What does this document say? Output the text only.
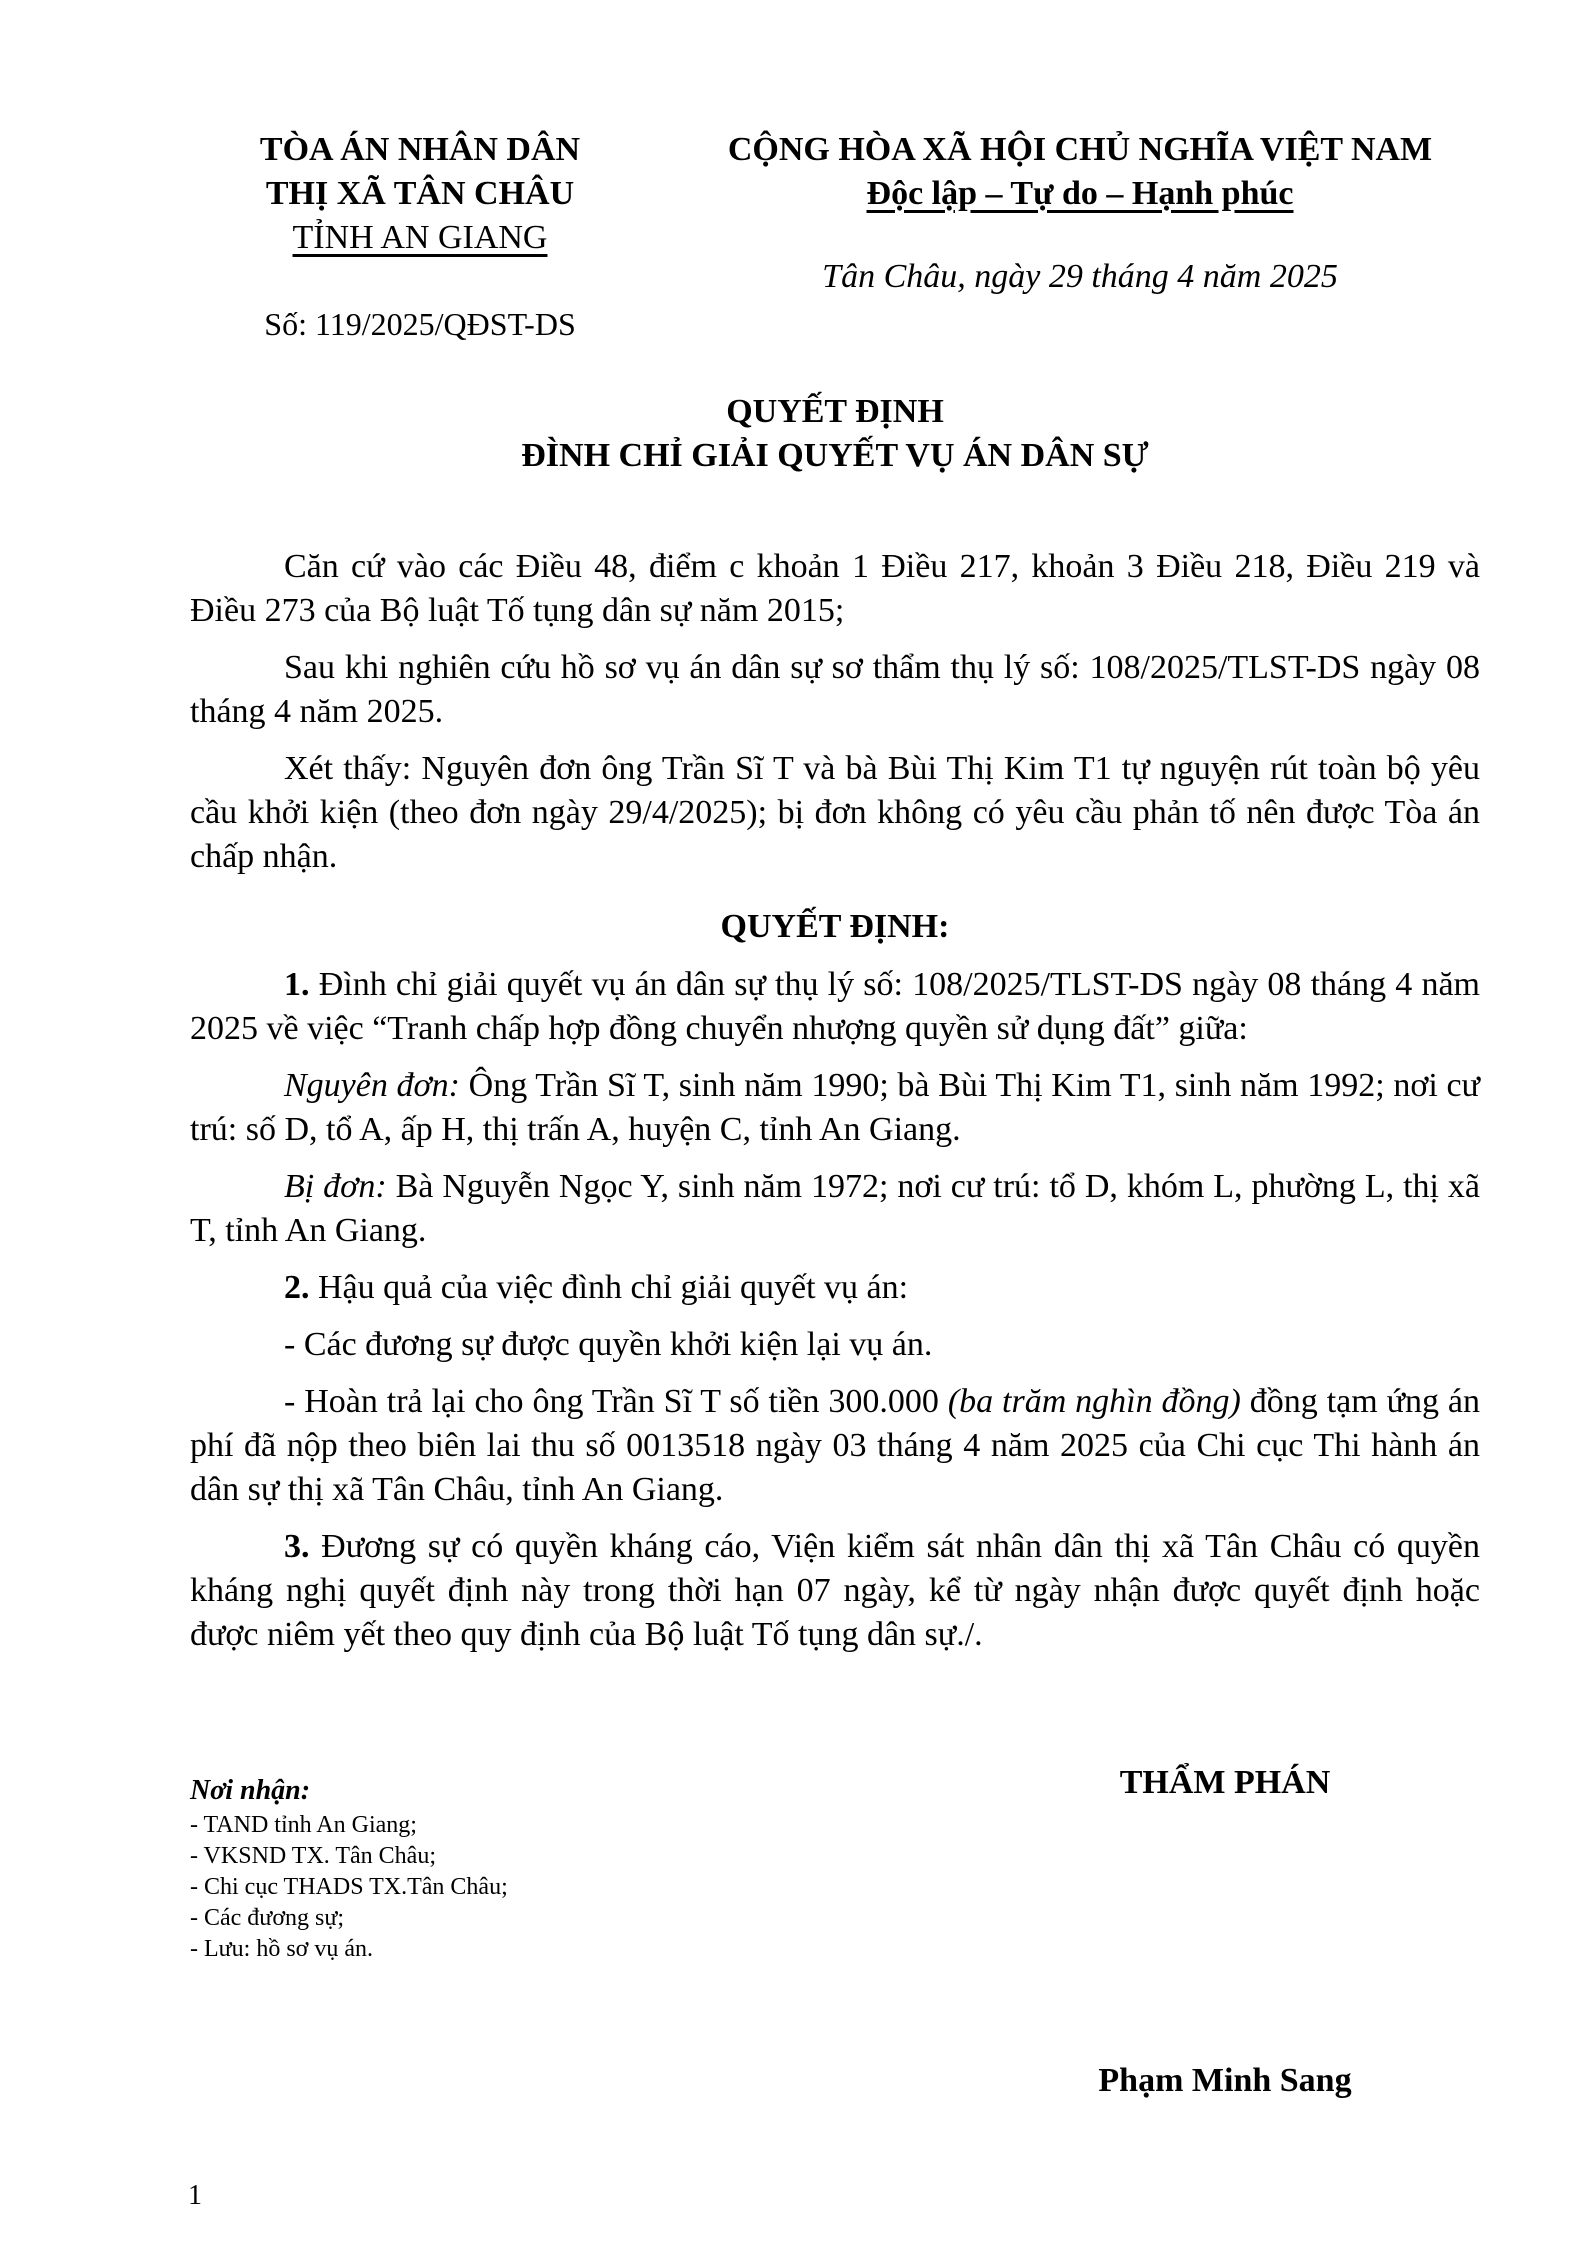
TÒA ÁN NHÂN DÂN
THỊ XÃ TÂN CHÂU
TỈNH AN GIANG
Số: 119/2025/QĐST-DS
CỘNG HÒA XÃ HỘI CHỦ NGHĨA VIỆT NAM
Độc lập – Tự do – Hạnh phúc
Tân Châu, ngày 29 tháng 4 năm 2025
QUYẾT ĐỊNH
ĐÌNH CHỈ GIẢI QUYẾT VỤ ÁN DÂN SỰ

Căn cứ vào các Điều 48, điểm c khoản 1 Điều 217, khoản 3 Điều 218, Điều 219 và Điều 273 của Bộ luật Tố tụng dân sự năm 2015;

Sau khi nghiên cứu hồ sơ vụ án dân sự sơ thẩm thụ lý số: 108/2025/TLST-DS ngày 08 tháng 4 năm 2025.

Xét thấy: Nguyên đơn ông Trần Sĩ T và bà Bùi Thị Kim T1 tự nguyện rút toàn bộ yêu cầu khởi kiện (theo đơn ngày 29/4/2025); bị đơn không có yêu cầu phản tố nên được Tòa án chấp nhận.

QUYẾT ĐỊNH:

1. Đình chỉ giải quyết vụ án dân sự thụ lý số: 108/2025/TLST-DS ngày 08 tháng 4 năm 2025 về việc “Tranh chấp hợp đồng chuyển nhượng quyền sử dụng đất” giữa:

Nguyên đơn: Ông Trần Sĩ T, sinh năm 1990; bà Bùi Thị Kim T1, sinh năm 1992; nơi cư trú: số D, tổ A, ấp H, thị trấn A, huyện C, tỉnh An Giang.

Bị đơn: Bà Nguyễn Ngọc Y, sinh năm 1972; nơi cư trú: tổ D, khóm L, phường L, thị xã T, tỉnh An Giang.

2. Hậu quả của việc đình chỉ giải quyết vụ án:

- Các đương sự được quyền khởi kiện lại vụ án.

- Hoàn trả lại cho ông Trần Sĩ T số tiền 300.000 (ba trăm nghìn đồng) đồng tạm ứng án phí đã nộp theo biên lai thu số 0013518 ngày 03 tháng 4 năm 2025 của Chi cục Thi hành án dân sự thị xã Tân Châu, tỉnh An Giang.

3. Đương sự có quyền kháng cáo, Viện kiểm sát nhân dân thị xã Tân Châu có quyền kháng nghị quyết định này trong thời hạn 07 ngày, kể từ ngày nhận được quyết định hoặc được niêm yết theo quy định của Bộ luật Tố tụng dân sự./.

Nơi nhận:
- TAND tỉnh An Giang;
- VKSND TX. Tân Châu;
- Chi cục THADS TX.Tân Châu;
- Các đương sự;
- Lưu: hồ sơ vụ án.
THẨM PHÁN
Phạm Minh Sang
1
